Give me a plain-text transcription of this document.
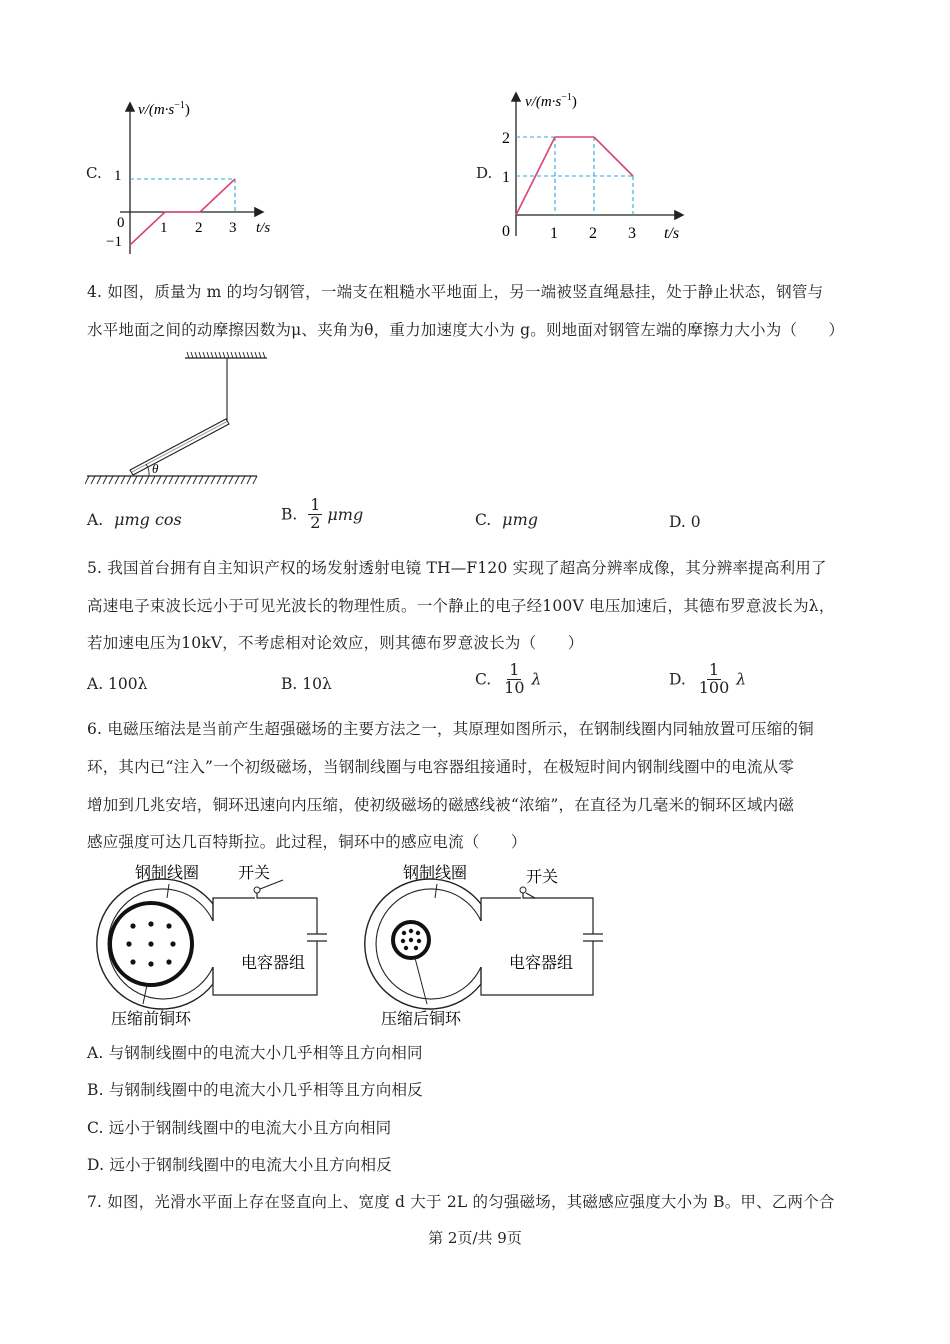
C.
$v/(m\cdot s^{-1})$
t/s
0 1 2 3
1
−1
D.
$v/(m\cdot s^{-1})$
t/s
0	1 2 3
2
1
4. 如图，质量为 m 的均匀钢管，一端支在粗糙水平地面上，另一端被竖直绳悬挂，处于静止状态，钢管与
水平地面之间的动摩擦因数为μ、夹角为θ，重力加速度大小为 g。则地面对钢管左端的摩擦力大小为（　　）
θ
A. μmg cos	B. $\frac{1}{2}$ μmg	C. μmg	D. 0
5. 我国首台拥有自主知识产权的场发射透射电镜 TH—F120 实现了超高分辨率成像，其分辨率提高利用了
高速电子束波长远小于可见光波长的物理性质。一个静止的电子经100V 电压加速后，其德布罗意波长为λ，
若加速电压为10kV，不考虑相对论效应，则其德布罗意波长为（　　）
A. 100λ	B. 10λ	C. $\frac{1}{10}$ λ	D. $\frac{1}{100}$ λ
6. 电磁压缩法是当前产生超强磁场的主要方法之一，其原理如图所示，在钢制线圈内同轴放置可压缩的铜
环，其内已“注入”一个初级磁场，当钢制线圈与电容器组接通时，在极短时间内钢制线圈中的电流从零
增加到几兆安培，铜环迅速向内压缩，使初级磁场的磁感线被“浓缩”，在直径为几毫米的铜环区域内磁
感应强度可达几百特斯拉。此过程，铜环中的感应电流（　　）
钢制线圈 开关
电容器组
压缩前铜环
钢制线圈	开关
电容器组
压缩后铜环
A. 与钢制线圈中的电流大小几乎相等且方向相同
B. 与钢制线圈中的电流大小几乎相等且方向相反
C. 远小于钢制线圈中的电流大小且方向相同
D. 远小于钢制线圈中的电流大小且方向相反
7. 如图，光滑水平面上存在竖直向上、宽度 d 大于 2L 的匀强磁场，其磁感应强度大小为 B。甲、乙两个合
第 2页/共 9页
